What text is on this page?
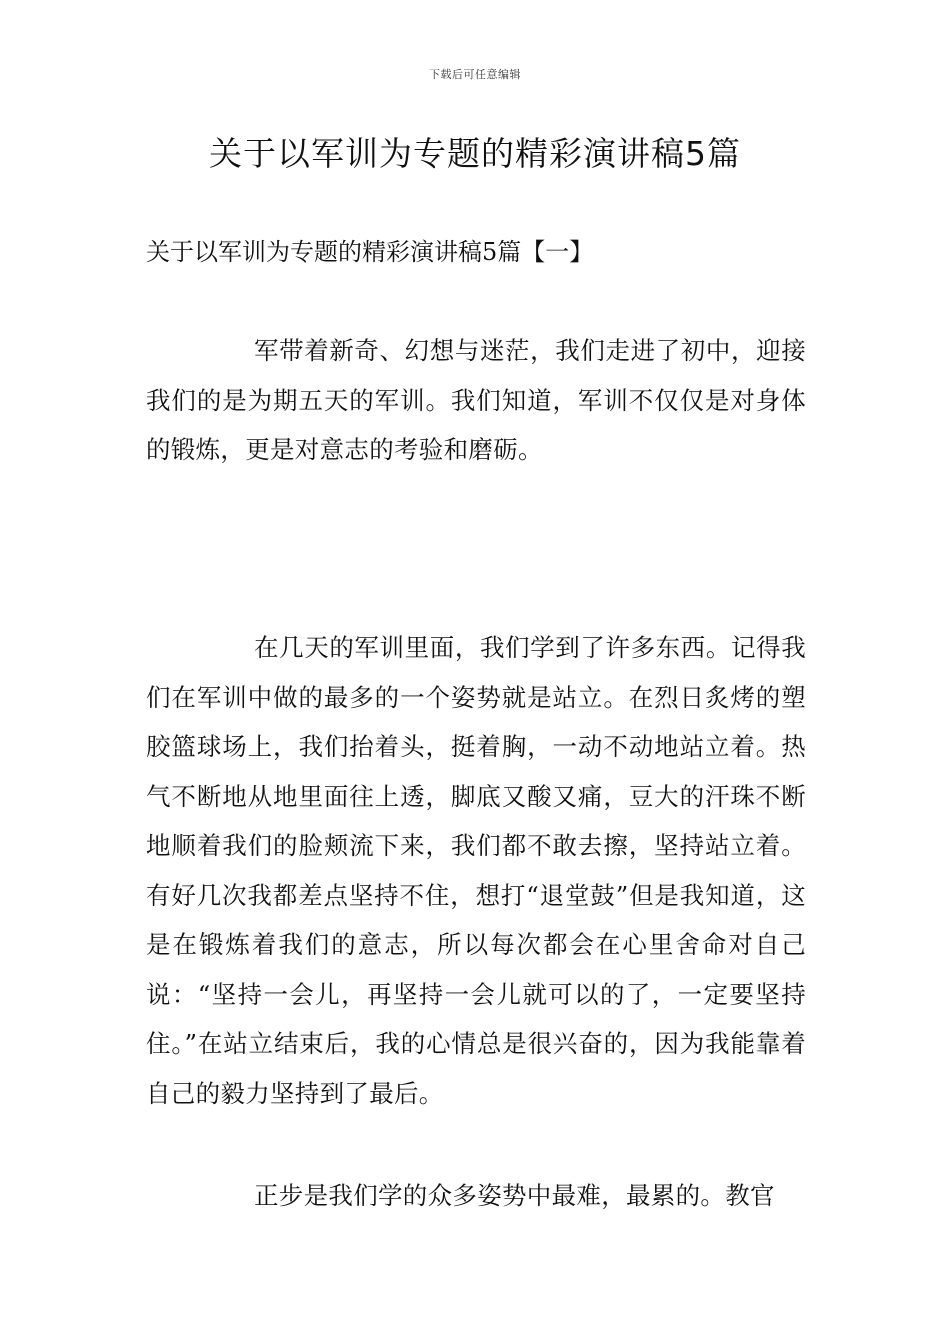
下载后可任意编辑
关于以军训为专题的精彩演讲稿5篇
关于以军训为专题的精彩演讲稿5篇【一】

军带着新奇、幻想与迷茫，我们走进了初中，迎接我们的是为期五天的军训。我们知道，军训不仅仅是对身体的锻炼，更是对意志的考验和磨砺。

在几天的军训里面，我们学到了许多东西。记得我们在军训中做的最多的一个姿势就是站立。在烈日炙烤的塑胶篮球场上，我们抬着头，挺着胸，一动不动地站立着。热气不断地从地里面往上透，脚底又酸又痛，豆大的汗珠不断地顺着我们的脸颊流下来，我们都不敢去擦，坚持站立着。有好几次我都差点坚持不住，想打“退堂鼓”但是我知道，这是在锻炼着我们的意志，所以每次都会在心里舍命对自己说：“坚持一会儿，再坚持一会儿就可以的了，一定要坚持住。”在站立结束后，我的心情总是很兴奋的，因为我能靠着自己的毅力坚持到了最后。

正步是我们学的众多姿势中最难，最累的。教官
